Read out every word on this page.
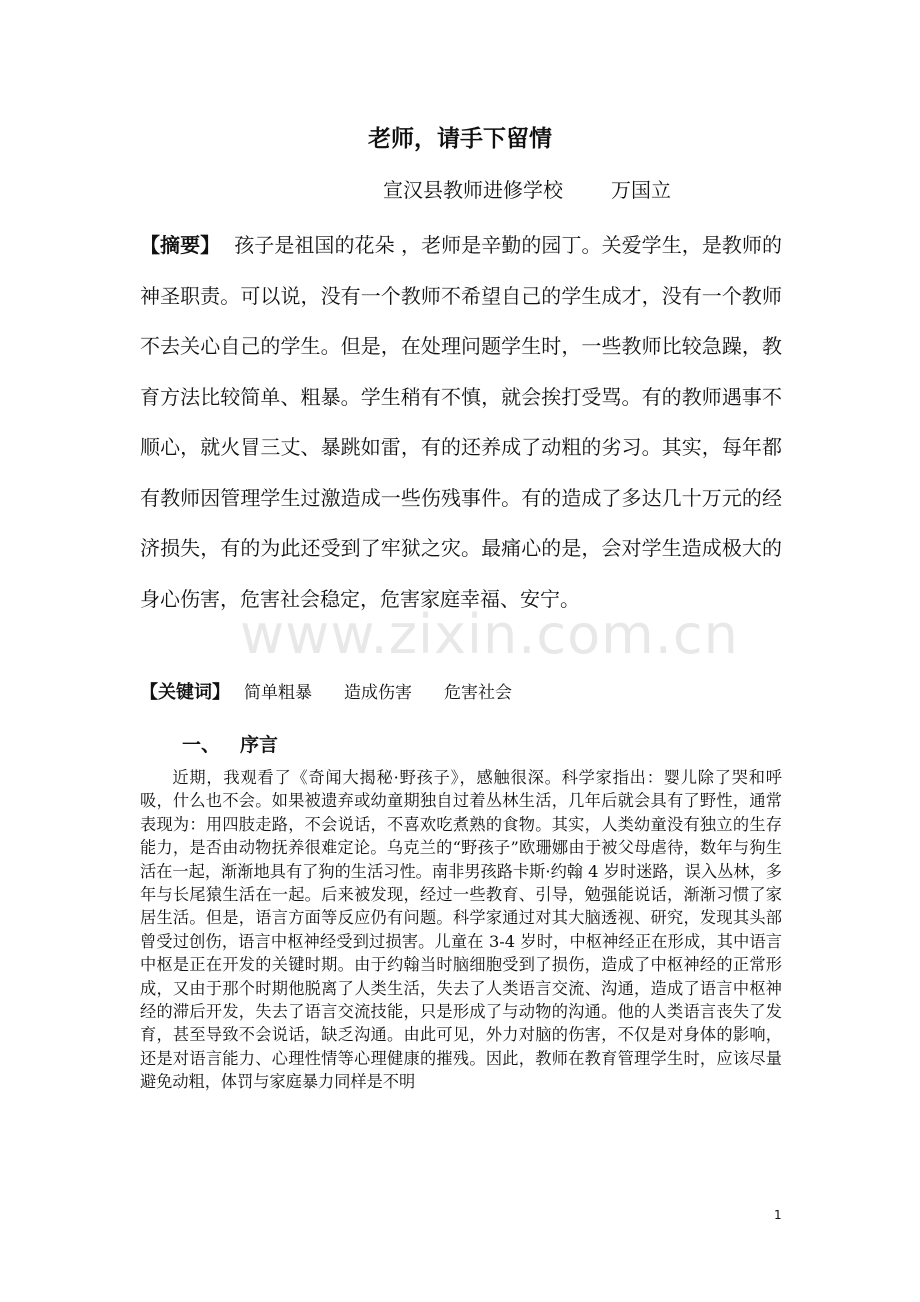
老师，请手下留情
宣汉县教师进修学校 万国立
【摘要】 孩子是祖国的花朵 ，老师是辛勤的园丁。关爱学生，是教师的神圣职责。可以说，没有一个教师不希望自己的学生成才，没有一个教师不去关心自己的学生。但是，在处理问题学生时，一些教师比较急躁，教育方法比较简单、粗暴。学生稍有不慎，就会挨打受骂。有的教师遇事不顺心，就火冒三丈、暴跳如雷，有的还养成了动粗的劣习。其实，每年都有教师因管理学生过激造成一些伤残事件。有的造成了多达几十万元的经济损失，有的为此还受到了牢狱之灾。最痛心的是，会对学生造成极大的身心伤害，危害社会稳定，危害家庭幸福、安宁。
www.zixin.com.cn
【关键词】 简单粗暴 造成伤害 危害社会
一、 序言
近期，我观看了《奇闻大揭秘·野孩子》，感触很深。科学家指出：婴儿除了哭和呼吸，什么也不会。如果被遗弃或幼童期独自过着丛林生活，几年后就会具有了野性，通常表现为：用四肢走路，不会说话，不喜欢吃煮熟的食物。其实，人类幼童没有独立的生存能力，是否由动物抚养很难定论。乌克兰的“野孩子”欧珊娜由于被父母虐待，数年与狗生活在一起，渐渐地具有了狗的生活习性。南非男孩路卡斯·约翰 4 岁时迷路，误入丛林，多年与长尾猿生活在一起。后来被发现，经过一些教育、引导，勉强能说话，渐渐习惯了家居生活。但是，语言方面等反应仍有问题。科学家通过对其大脑透视、研究，发现其头部曾受过创伤，语言中枢神经受到过损害。儿童在 3-4 岁时，中枢神经正在形成，其中语言中枢是正在开发的关键时期。由于约翰当时脑细胞受到了损伤，造成了中枢神经的正常形成，又由于那个时期他脱离了人类生活，失去了人类语言交流、沟通，造成了语言中枢神经的滞后开发，失去了语言交流技能，只是形成了与动物的沟通。他的人类语言丧失了发育，甚至导致不会说话，缺乏沟通。由此可见，外力对脑的伤害，不仅是对身体的影响，还是对语言能力、心理性情等心理健康的摧残。因此，教师在教育管理学生时，应该尽量避免动粗，体罚与家庭暴力同样是不明
1
